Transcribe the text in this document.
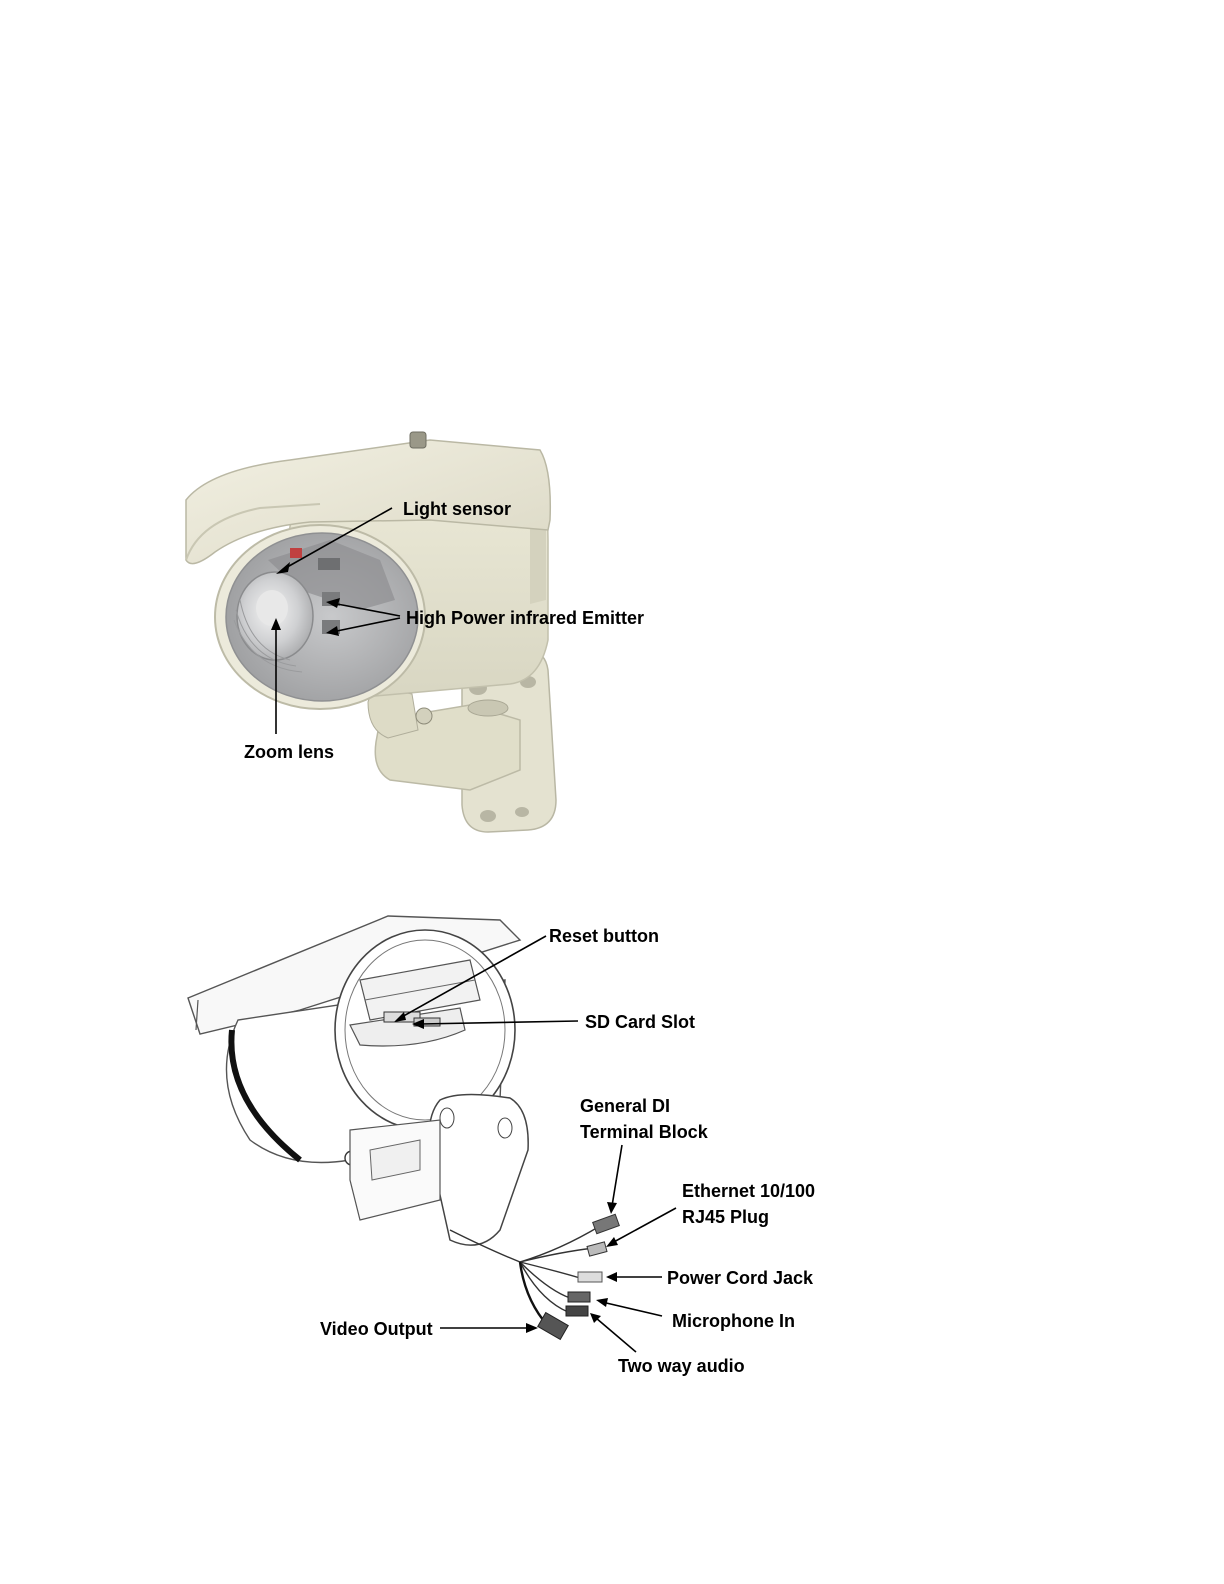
Light sensor
High Power infrared Emitter
Zoom lens
Reset button
SD Card Slot
General DI
Terminal Block
Ethernet 10/100
RJ45 Plug
Power Cord Jack
Microphone In
Video Output
Two way audio
